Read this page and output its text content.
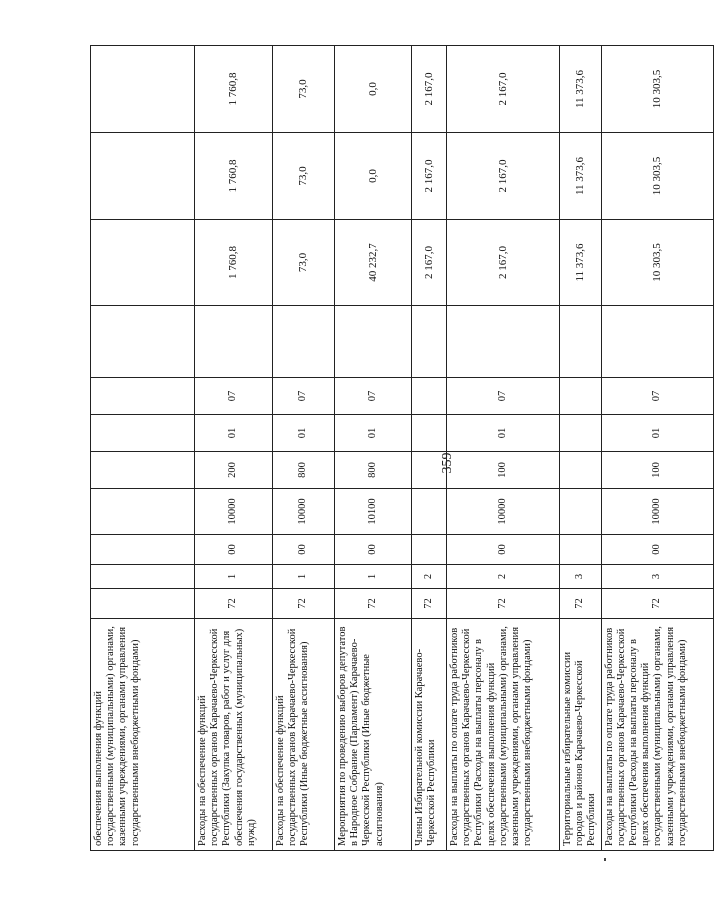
359
обеспечения выполнения функций государственными (муниципальными) органами, казенными учреждениями, органами управления государственными внебюджетными фондами)											
Расходы на обеспечение функций государственных органов Карачаево-Черкесской Республики (Закупка товаров, работ и услуг для обеспечения государственных (муниципальных) нужд)	72	1	00	10000	200	01	07		1 760,8	1 760,8	1 760,8
Расходы на обеспечение функций государственных органов Карачаево-Черкесской Республики (Иные бюджетные ассигнования)	72	1	00	10000	800	01	07		73,0	73,0	73,0
Мероприятия по проведению выборов депутатов в Народное Собрание (Парламент) Карачаево-Черкесской Республики (Иные бюджетные ассигнования)	72	1	00	10100	800	01	07		40 232,7	0,0	0,0
Члены Избирательной комиссии Карачаево-Черкесской Республики	72	2							2 167,0	2 167,0	2 167,0
Расходы на выплаты по оплате труда работников государственных органов Карачаево-Черкесской Республики (Расходы на выплаты персоналу в целях обеспечения выполнения функций государственными (муниципальными) органами, казенными учреждениями, органами управления государственными внебюджетными фондами)	72	2	00	10000	100	01	07		2 167,0	2 167,0	2 167,0
Территориальные избирательные комиссии городов и районов Карачаево-Черкесской Республики	72	3							11 373,6	11 373,6	11 373,6
Расходы на выплаты по оплате труда работников государственных органов Карачаево-Черкесской Республики (Расходы на выплаты персоналу в целях обеспечения выполнения функций государственными (муниципальными) органами, казенными учреждениями, органами управления государственными внебюджетными фондами)	72	3	00	10000	100	01	07		10 303,5	10 303,5	10 303,5
